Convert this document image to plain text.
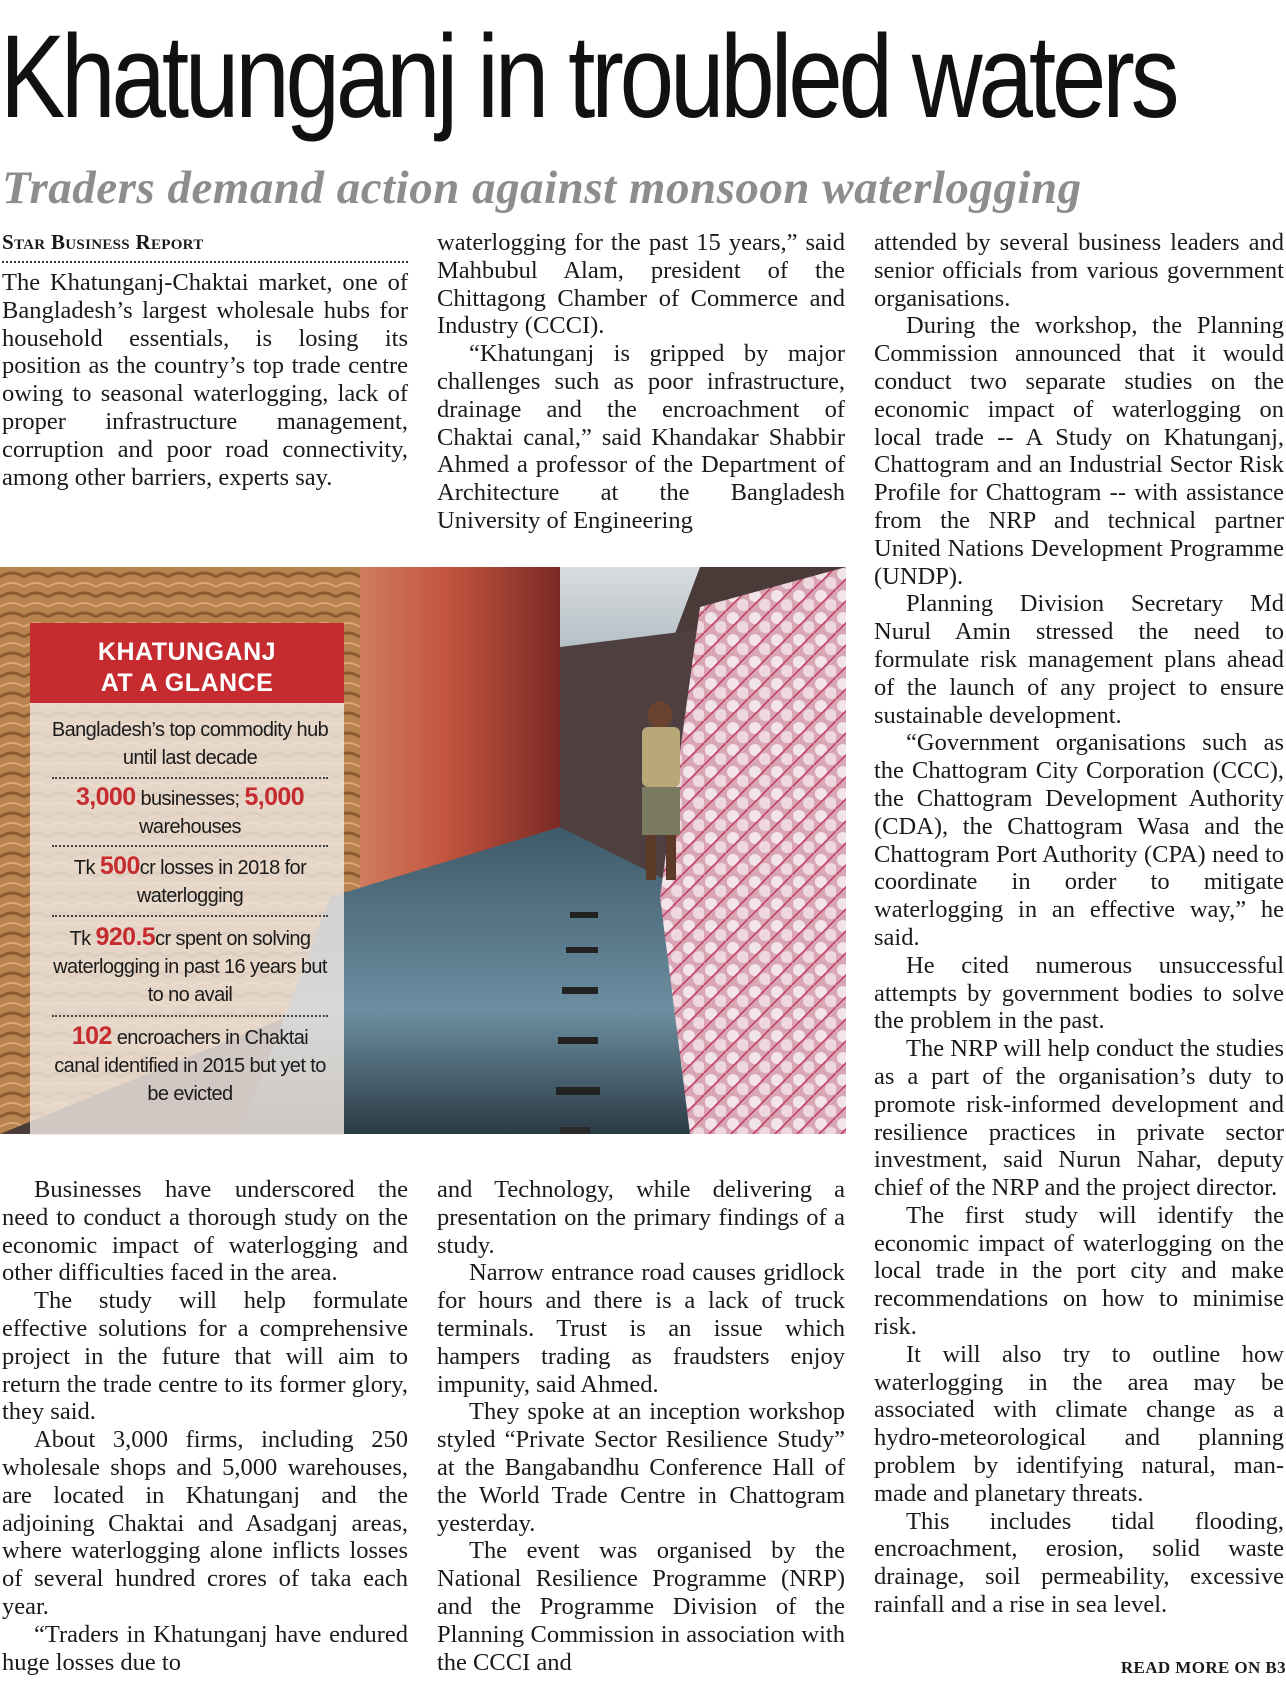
Khatunganj in troubled waters
Traders demand action against monsoon waterlogging
Star Business Report

The Khatunganj-Chaktai market, one of Bangladesh’s largest wholesale hubs for household essentials, is losing its position as the country’s top trade centre owing to seasonal waterlogging, lack of proper infrastructure management, corruption and poor road connectivity, among other barriers, experts say.

waterlogging for the past 15 years,” said Mahbubul Alam, president of the Chittagong Chamber of Commerce and Industry (CCCI).

“Khatunganj is gripped by major challenges such as poor infrastructure, drainage and the encroachment of Chaktai canal,” said Khandakar Shabbir Ahmed a professor of the Department of Architecture at the Bangladesh University of Engineering

attended by several business leaders and senior officials from various government organisations.

During the workshop, the Planning Commission announced that it would conduct two separate studies on the economic impact of waterlogging on local trade -- A Study on Khatunganj, Chattogram and an Industrial Sector Risk Profile for Chattogram -- with assistance from the NRP and technical partner United Nations Development Programme (UNDP).

Planning Division Secretary Md Nurul Amin stressed the need to formulate risk management plans ahead of the launch of any project to ensure sustainable development.

“Government organisations such as the Chattogram City Corporation (CCC), the Chattogram Development Authority (CDA), the Chattogram Wasa and the Chattogram Port Authority (CPA) need to coordinate in order to mitigate waterlogging in an effective way,” he said.

He cited numerous unsuccessful attempts by government bodies to solve the problem in the past.

The NRP will help conduct the studies as a part of the organisation’s duty to promote risk-informed development and resilience practices in private sector investment, said Nurun Nahar, deputy chief of the NRP and the project director.

The first study will identify the economic impact of waterlogging on the local trade in the port city and make recommendations on how to minimise risk.

It will also try to outline how waterlogging in the area may be associated with climate change as a hydro-meteorological and planning problem by identifying natural, man-made and planetary threats.

This includes tidal flooding, encroachment, erosion, solid waste drainage, soil permeability, excessive rainfall and a rise in sea level.

KHATUNGANJ
AT A GLANCE
Bangladesh’s top commodity hub until last decade
3,000 businesses; 5,000 warehouses
Tk 500cr losses in 2018 for waterlogging
Tk 920.5cr spent on solving waterlogging in past 16 years but to no avail
102 encroachers in Chaktai canal identified in 2015 but yet to be evicted

Businesses have underscored the need to conduct a thorough study on the economic impact of waterlogging and other difficulties faced in the area.

The study will help formulate effective solutions for a comprehensive project in the future that will aim to return the trade centre to its former glory, they said.

About 3,000 firms, including 250 wholesale shops and 5,000 warehouses, are located in Khatunganj and the adjoining Chaktai and Asadganj areas, where waterlogging alone inflicts losses of several hundred crores of taka each year.

“Traders in Khatunganj have endured huge losses due to

and Technology, while delivering a presentation on the primary findings of a study.

Narrow entrance road causes gridlock for hours and there is a lack of truck terminals. Trust is an issue which hampers trading as fraudsters enjoy impunity, said Ahmed.

They spoke at an inception workshop styled “Private Sector Resilience Study” at the Bangabandhu Conference Hall of the World Trade Centre in Chattogram yesterday.

The event was organised by the National Resilience Programme (NRP) and the Programme Division of the Planning Commission in association with the CCCI and	READ MORE ON B3
